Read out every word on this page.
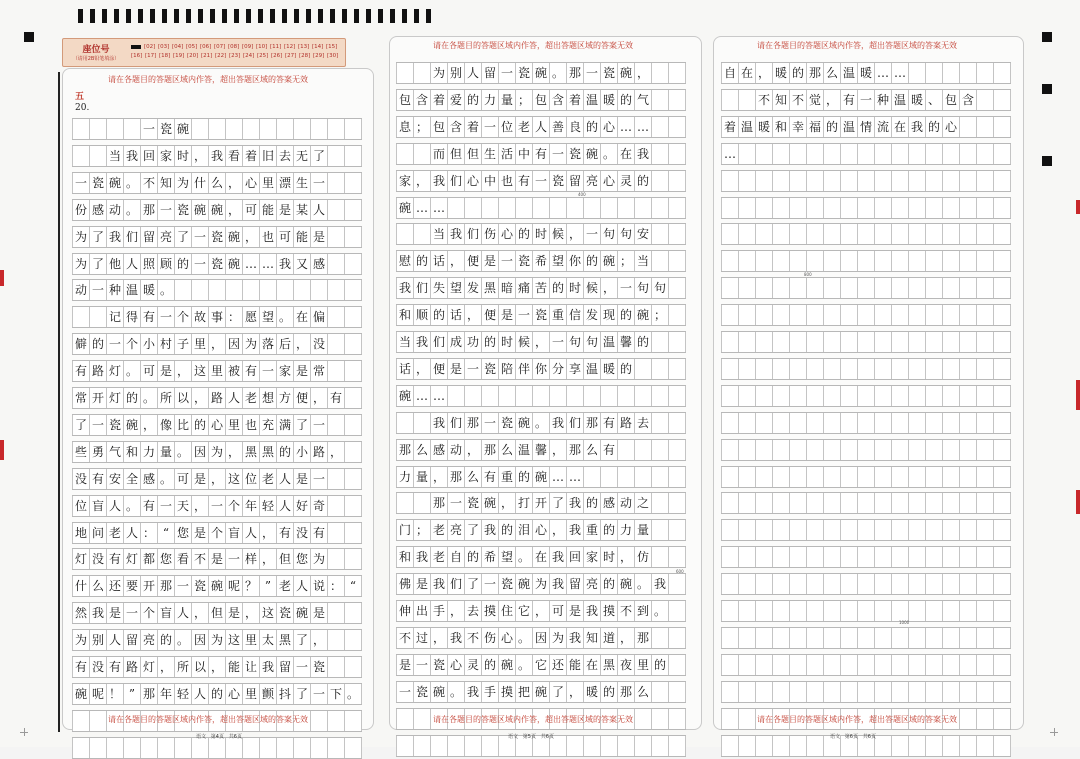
座位号
（请用2B铅笔填涂）
[02] [03] [04] [05] [06] [07] [08] [09] [10] [11] [12] [13] [14] [15]
[16] [17] [18] [19] [20] [21] [22] [23] [24] [25] [26] [27] [28] [29] [30]
请在各题目的答题区域内作答，超出答题区域的答案无效
五
20.
一 瓷 碗
当 我 回 家 时 ， 我 看 着 旧 去 无 了
一 瓷 碗 。 不 知 为 什 么 ， 心 里 漂 生 一
份 感 动 。 那 一 瓷 碗 碗 ， 可 能 是 某 人
为 了 我 们 留 亮 了 一 瓷 碗 ， 也 可 能 是
为 了 他 人 照 顾 的 一 瓷 碗 … … 我 又 感
动 一 种 温 暖 。
记 得 有 一 个 故 事 ： 愿 望 。 在 偏
僻 的 一 个 小 村 子 里 ， 因 为 落 后 ， 没
有 路 灯 。 可 是 ， 这 里 被 有 一 家 是 常
常 开 灯 的 。 所 以 ， 路 人 老 想 方 便 ， 有
了 一 瓷 碗 ， 像 比 的 心 里 也 充 满 了 一
些 勇 气 和 力 量 。 因 为 ， 黑 黑 的 小 路 ，
没 有 安 全 感 。 可 是 ， 这 位 老 人 是 一
位 盲 人 。 有 一 天 ， 一 个 年 轻 人 好 奇
地 问 老 人 ： “ 您 是 个 盲 人 ， 有 没 有
灯 没 有 灯 都 您 看 不 是 一 样 ， 但 您 为
什 么 还 要 开 那 一 瓷 碗 呢 ？ ” 老 人 说 ： “
然 我 是 一 个 盲 人 ， 但 是 ， 这 瓷 碗 是
为 别 人 留 亮 的 。 因 为 这 里 太 黑 了 ，
有 没 有 路 灯 ， 所 以 ， 能 让 我 留 一 瓷
碗 呢 ！ ” 那 年 轻 人 的 心 里 颤 抖 了 一 下 。
请在各题目的答题区域内作答，超出答题区域的答案无效
语文 第4页 共6页
请在各题目的答题区域内作答，超出答题区域的答案无效
为 别 人 留 一 瓷 碗 。 那 一 瓷 碗 ，
包 含 着 爱 的 力 量 ； 包 含 着 温 暖 的 气
息 ； 包 含 着 一 位 老 人 善 良 的 心 … …
而 但 但 生 活 中 有 一 瓷 碗 。 在 我
家 ， 我 们 心 中 也 有 一 瓷 留 亮 心 灵 的
碗 … …
当 我 们 伤 心 的 时 候 ， 一 句 句 安
慰 的 话 ， 便 是 一 瓷 希 望 你 的 碗 ； 当
我 们 失 望 发 黑 暗 痛 苦 的 时 候 ， 一 句 句
和 顺 的 话 ， 便 是 一 瓷 重 信 发 现 的 碗 ；
当 我 们 成 功 的 时 候 ， 一 句 句 温 馨 的
话 ， 便 是 一 瓷 陪 伴 你 分 享 温 暖 的
碗 … …
我 们 那 一 瓷 碗 。 我 们 那 有 路 去
那 么 感 动 ， 那 么 温 馨 ， 那 么 有
力 量 ， 那 么 有 重 的 碗 … …
那 一 瓷 碗 ， 打 开 了 我 的 感 动 之
门 ； 老 亮 了 我 的 泪 心 ， 我 重 的 力 量
和 我 老 自 的 希 望 。 在 我 回 家 时 ， 仿
佛 是 我 们 了 一 瓷 碗 为 我 留 亮 的 碗 。 我
伸 出 手 ， 去 摸 住 它 ， 可 是 我 摸 不 到 。
不 过 ， 我 不 伤 心 。 因 为 我 知 道 ， 那
是 一 瓷 心 灵 的 碗 。 它 还 能 在 黑 夜 里 的
一 瓷 碗 。 我 手 摸 把 碗 了 ， 暖 的 那 么
400
600
请在各题目的答题区域内作答，超出答题区域的答案无效
语文 第5页 共6页
请在各题目的答题区域内作答，超出答题区域的答案无效
自 在 ， 暖 的 那 么 温 暖 … …
不 知 不 觉 ， 有 一 种 温 暖 、 包 含
着 温 暖 和 幸 福 的 温 情 流 在 我 的 心
…
800
1000
请在各题目的答题区域内作答，超出答题区域的答案无效
语文 第6页 共6页
